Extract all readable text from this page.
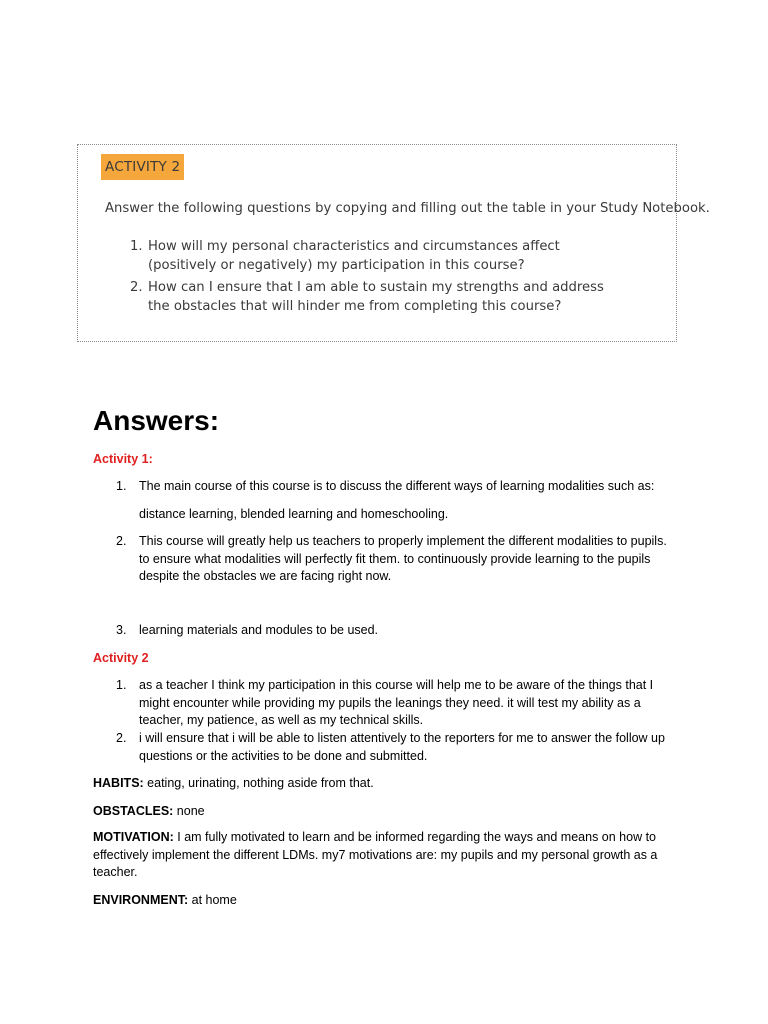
ACTIVITY 2
Answer the following questions by copying and filling out the table in your Study Notebook.
1. How will my personal characteristics and circumstances affect (positively or negatively) my participation in this course?
2. How can I ensure that I am able to sustain my strengths and address the obstacles that will hinder me from completing this course?
Answers:
Activity 1:
1. The main course of this course is to discuss the different ways of learning modalities such as:
distance learning, blended learning and homeschooling.
2. This course will greatly help us teachers to properly implement the different modalities to pupils. to ensure what modalities will perfectly fit them. to continuously provide learning to the pupils despite the obstacles we are facing right now.
3. learning materials and modules to be used.
Activity 2
1. as a teacher I think my participation in this course will help me to be aware of the things that I might encounter while providing my pupils the leanings they need. it will test my ability as a teacher, my patience, as well as my technical skills.
2. i will ensure that i will be able to listen attentively to the reporters for me to answer the follow up questions or the activities to be done and submitted.
HABITS: eating, urinating, nothing aside from that.
OBSTACLES: none
MOTIVATION: I am fully motivated to learn and be informed regarding the ways and means on how to effectively implement the different LDMs. my7 motivations are: my pupils and my personal growth as a teacher.
ENVIRONMENT: at home
